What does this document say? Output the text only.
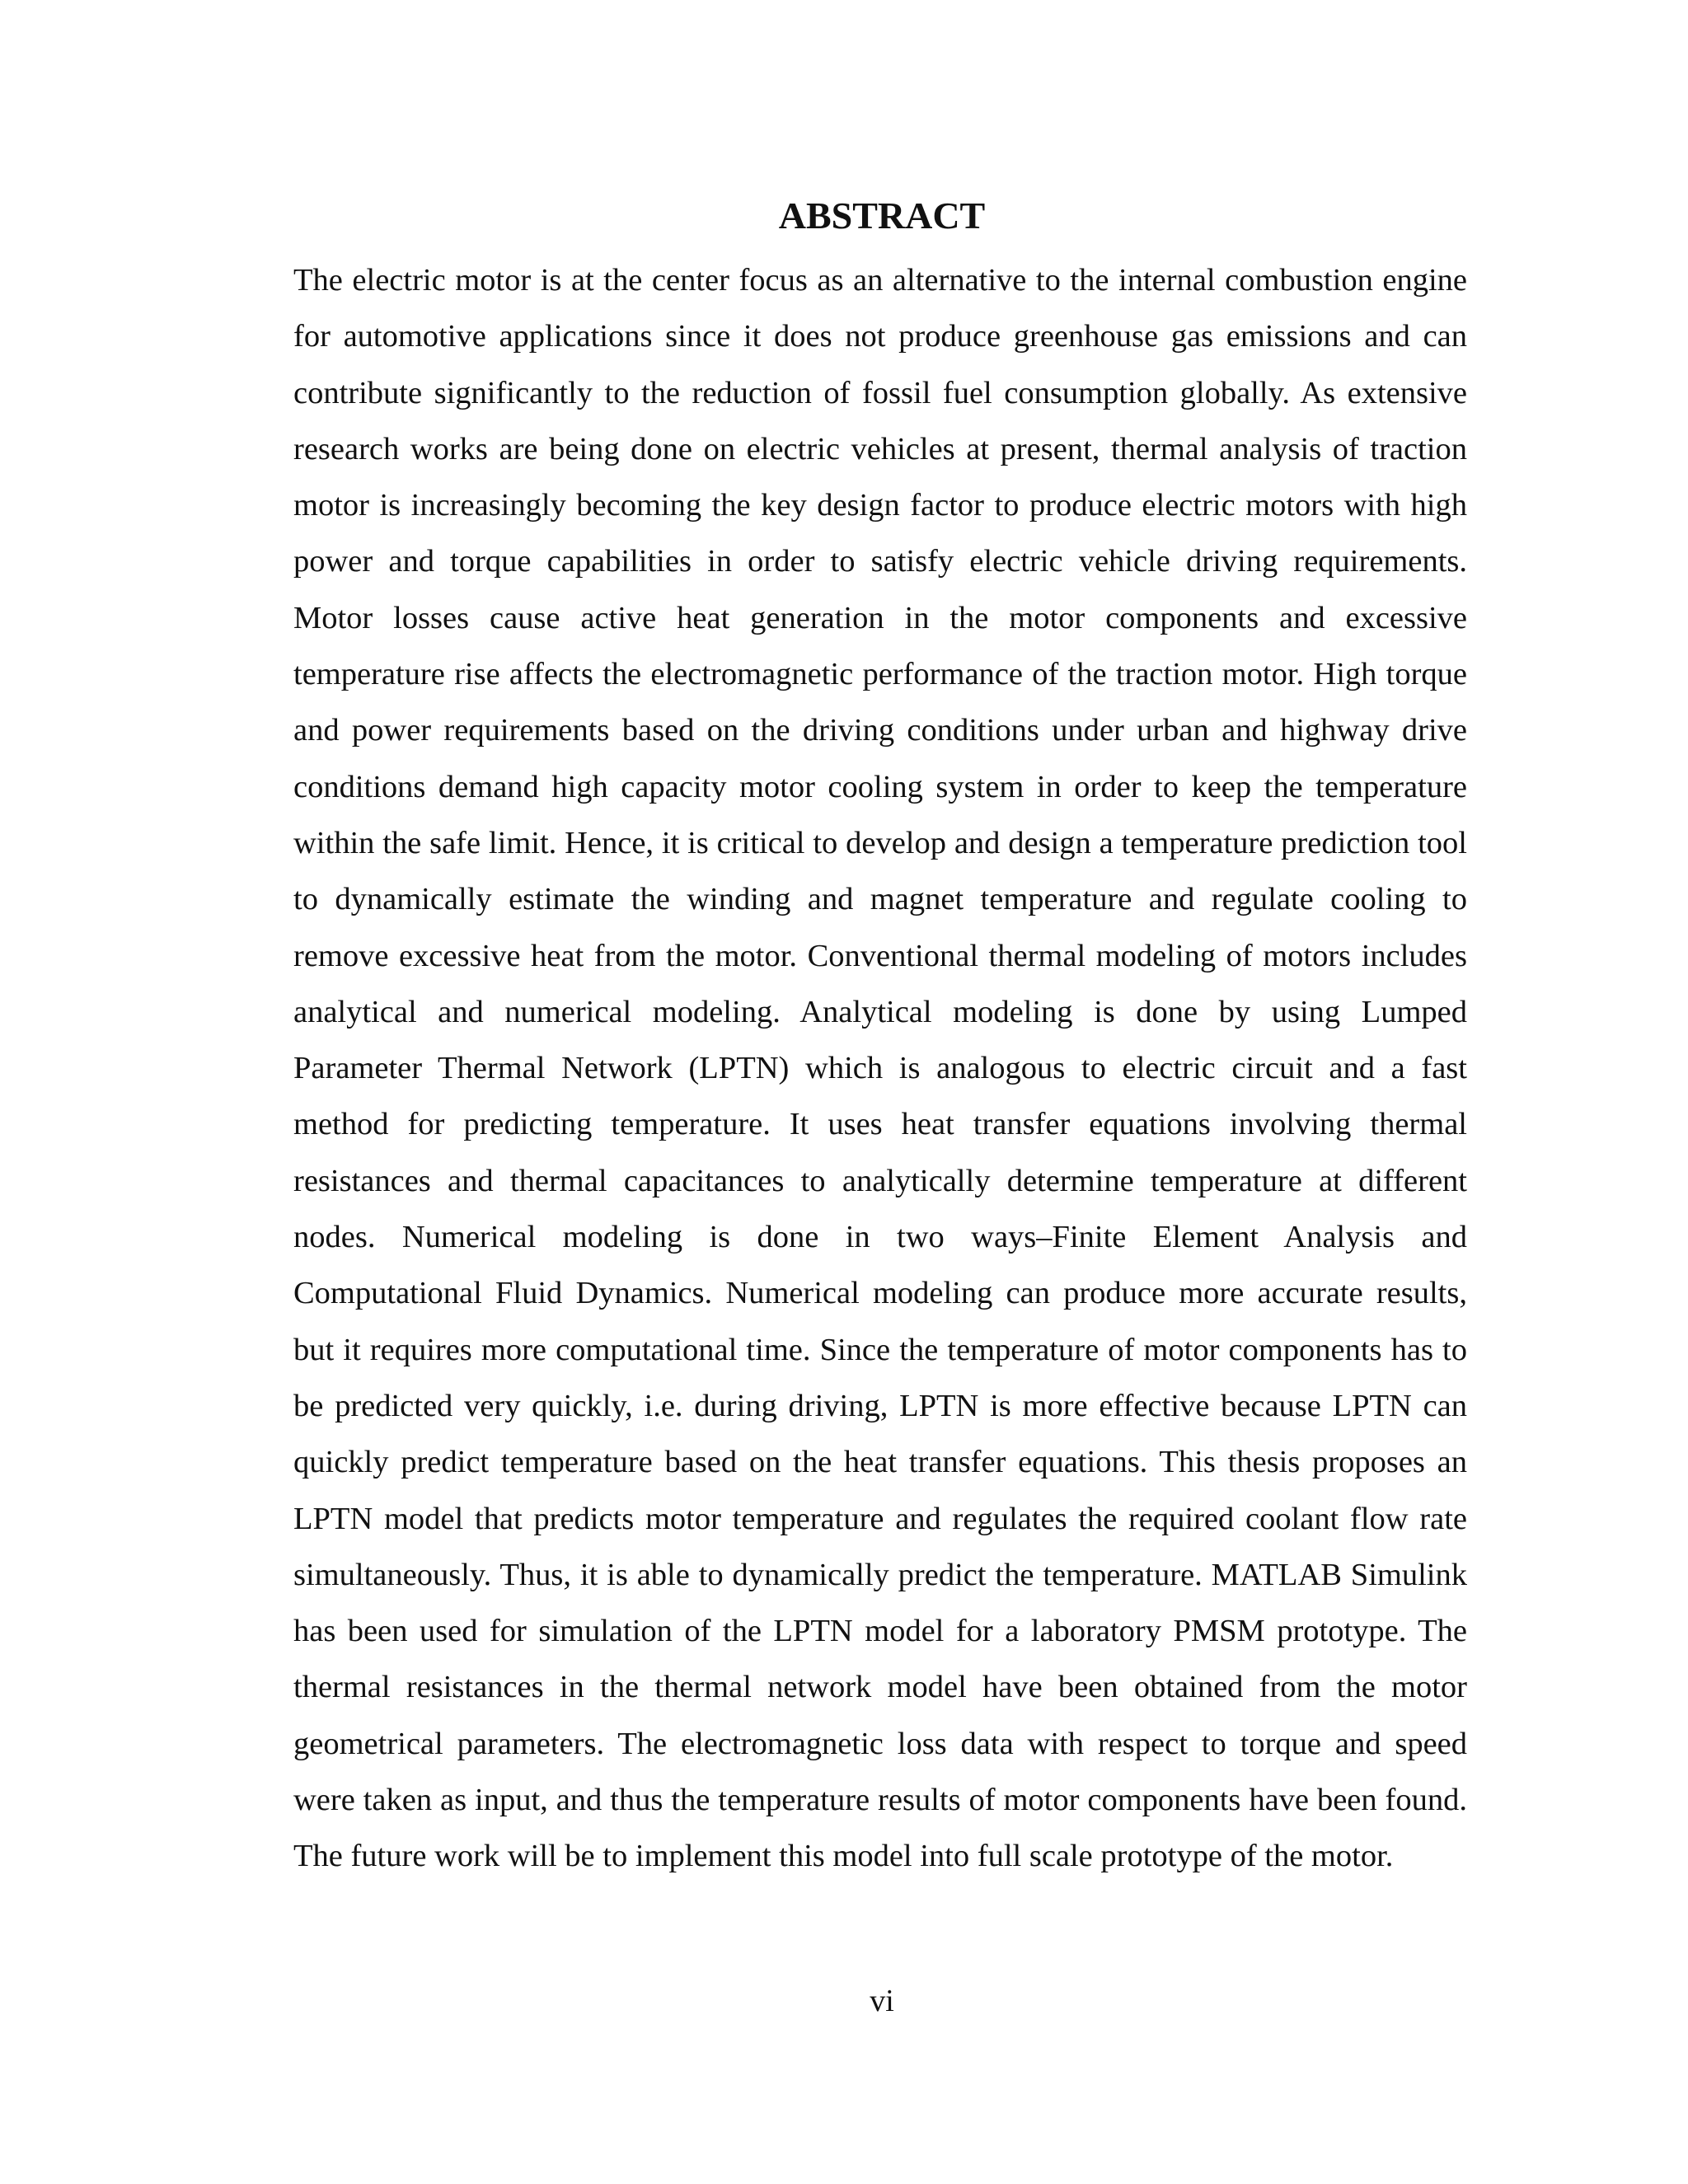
ABSTRACT

The electric motor is at the center focus as an alternative to the internal combustion engine for automotive applications since it does not produce greenhouse gas emissions and can contribute significantly to the reduction of fossil fuel consumption globally. As extensive research works are being done on electric vehicles at present, thermal analysis of traction motor is increasingly becoming the key design factor to produce electric motors with high power and torque capabilities in order to satisfy electric vehicle driving requirements. Motor losses cause active heat generation in the motor components and excessive temperature rise affects the electromagnetic performance of the traction motor. High torque and power requirements based on the driving conditions under urban and highway drive conditions demand high capacity motor cooling system in order to keep the temperature within the safe limit. Hence, it is critical to develop and design a temperature prediction tool to dynamically estimate the winding and magnet temperature and regulate cooling to remove excessive heat from the motor. Conventional thermal modeling of motors includes analytical and numerical modeling. Analytical modeling is done by using Lumped Parameter Thermal Network (LPTN) which is analogous to electric circuit and a fast method for predicting temperature. It uses heat transfer equations involving thermal resistances and thermal capacitances to analytically determine temperature at different nodes. Numerical modeling is done in two ways–Finite Element Analysis and Computational Fluid Dynamics. Numerical modeling can produce more accurate results, but it requires more computational time. Since the temperature of motor components has to be predicted very quickly, i.e. during driving, LPTN is more effective because LPTN can quickly predict temperature based on the heat transfer equations. This thesis proposes an LPTN model that predicts motor temperature and regulates the required coolant flow rate simultaneously. Thus, it is able to dynamically predict the temperature. MATLAB Simulink has been used for simulation of the LPTN model for a laboratory PMSM prototype. The thermal resistances in the thermal network model have been obtained from the motor geometrical parameters. The electromagnetic loss data with respect to torque and speed were taken as input, and thus the temperature results of motor components have been found. The future work will be to implement this model into full scale prototype of the motor.

vi
